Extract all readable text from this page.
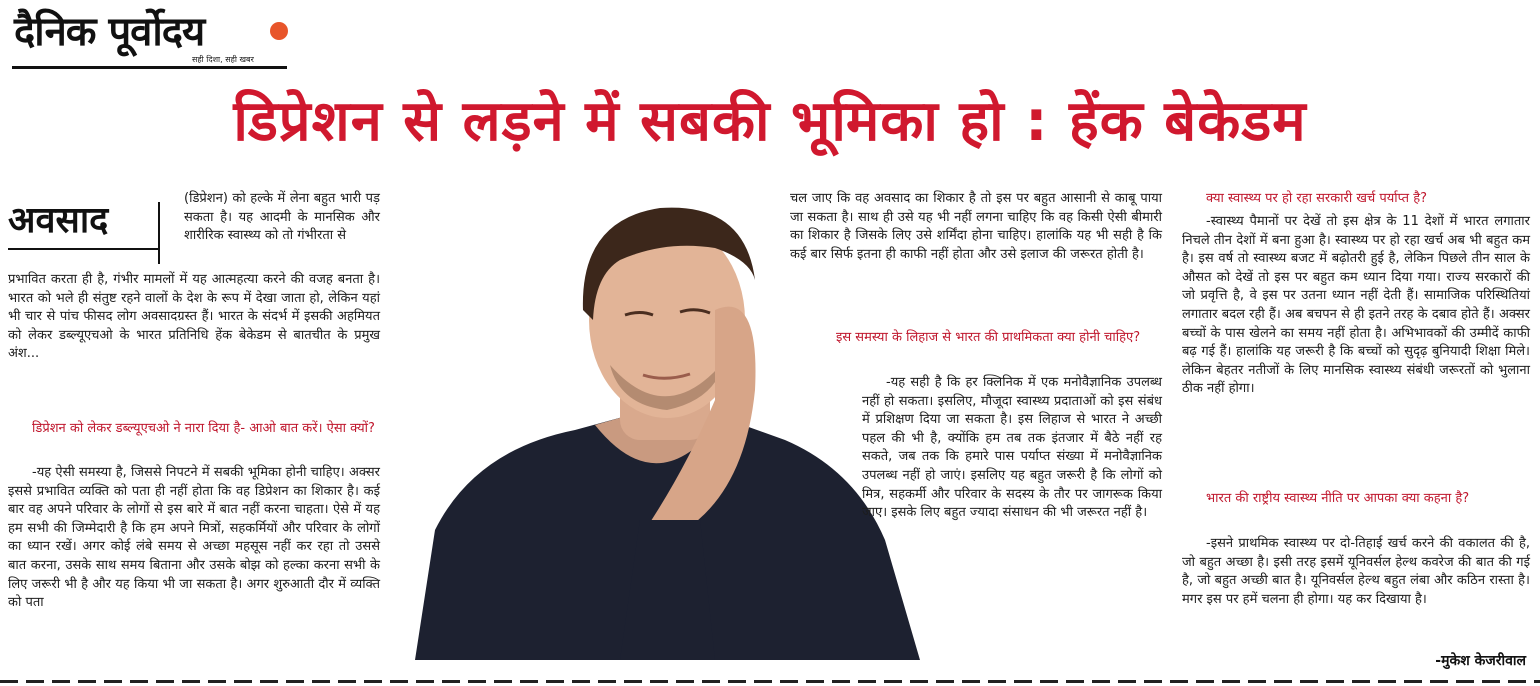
दैनिक पूर्वोदय
सही दिशा, सही खबर
डिप्रेशन से लड़ने में सबकी भूमिका हो : हेंक बेकेडम
अवसाद
(डिप्रेशन) को हल्के में लेना बहुत भारी पड़ सकता है। यह आदमी के मानसिक और शारीरिक स्वास्थ्य को तो गंभीरता से
प्रभावित करता ही है, गंभीर मामलों में यह आत्महत्या करने की वजह बनता है। भारत को भले ही संतुष्ट रहने वालों के देश के रूप में देखा जाता हो, लेकिन यहां भी चार से पांच फीसद लोग अवसादग्रस्त हैं। भारत के संदर्भ में इसकी अहमियत को लेकर डब्ल्यूएचओ के भारत प्रतिनिधि हेंक बेकेडम से बातचीत के प्रमुख अंश...
डिप्रेशन को लेकर डब्ल्यूएचओ ने नारा दिया है- आओ बात करें। ऐसा क्यों?
-यह ऐसी समस्या है, जिससे निपटने में सबकी भूमिका होनी चाहिए। अक्सर इससे प्रभावित व्यक्ति को पता ही नहीं होता कि वह डिप्रेशन का शिकार है। कई बार वह अपने परिवार के लोगों से इस बारे में बात नहीं करना चाहता। ऐसे में यह हम सभी की जिम्मेदारी है कि हम अपने मित्रों, सहकर्मियों और परिवार के लोगों का ध्यान रखें। अगर कोई लंबे समय से अच्छा महसूस नहीं कर रहा तो उससे बात करना, उसके साथ समय बिताना और उसके बोझ को हल्का करना सभी के लिए जरूरी भी है और यह किया भी जा सकता है। अगर शुरुआती दौर में व्यक्ति को पता
चल जाए कि वह अवसाद का शिकार है तो इस पर बहुत आसानी से काबू पाया जा सकता है। साथ ही उसे यह भी नहीं लगना चाहिए कि वह किसी ऐसी बीमारी का शिकार है जिसके लिए उसे शर्मिंदा होना चाहिए। हालांकि यह भी सही है कि कई बार सिर्फ इतना ही काफी नहीं होता और उसे इलाज की जरूरत होती है।
इस समस्या के लिहाज से भारत की प्राथमिकता क्या होनी चाहिए?
-यह सही है कि हर क्लिनिक में एक मनोवैज्ञानिक उपलब्ध नहीं हो सकता। इसलिए, मौजूदा स्वास्थ्य प्रदाताओं को इस संबंध में प्रशिक्षण दिया जा सकता है। इस लिहाज से भारत ने अच्छी पहल की भी है, क्योंकि हम तब तक इंतजार में बैठे नहीं रह सकते, जब तक कि हमारे पास पर्याप्त संख्या में मनोवैज्ञानिक उपलब्ध नहीं हो जाएं। इसलिए यह बहुत जरूरी है कि लोगों को मित्र, सहकर्मी और परिवार के सदस्य के तौर पर जागरूक किया जाए। इसके लिए बहुत ज्यादा संसाधन की भी जरूरत नहीं है।
क्या स्वास्थ्य पर हो रहा सरकारी खर्च पर्याप्त है?
-स्वास्थ्य पैमानों पर देखें तो इस क्षेत्र के 11 देशों में भारत लगातार निचले तीन देशों में बना हुआ है। स्वास्थ्य पर हो रहा खर्च अब भी बहुत कम है। इस वर्ष तो स्वास्थ्य बजट में बढ़ोतरी हुई है, लेकिन पिछले तीन साल के औसत को देखें तो इस पर बहुत कम ध्यान दिया गया। राज्य सरकारों की जो प्रवृत्ति है, वे इस पर उतना ध्यान नहीं देती हैं। सामाजिक परिस्थितियां लगातार बदल रही हैं। अब बचपन से ही इतने तरह के दबाव होते हैं। अक्सर बच्चों के पास खेलने का समय नहीं होता है। अभिभावकों की उम्मीदें काफी बढ़ गई हैं। हालांकि यह जरूरी है कि बच्चों को सुदृढ़ बुनियादी शिक्षा मिले। लेकिन बेहतर नतीजों के लिए मानसिक स्वास्थ्य संबंधी जरूरतों को भुलाना ठीक नहीं होगा।
भारत की राष्ट्रीय स्वास्थ्य नीति पर आपका क्या कहना है?
-इसने प्राथमिक स्वास्थ्य पर दो-तिहाई खर्च करने की वकालत की है, जो बहुत अच्छा है। इसी तरह इसमें यूनिवर्सल हेल्थ कवरेज की बात की गई है, जो बहुत अच्छी बात है। यूनिवर्सल हेल्थ बहुत लंबा और कठिन रास्ता है। मगर इस पर हमें चलना ही होगा। यह कर दिखाया है।
-मुकेश केजरीवाल
